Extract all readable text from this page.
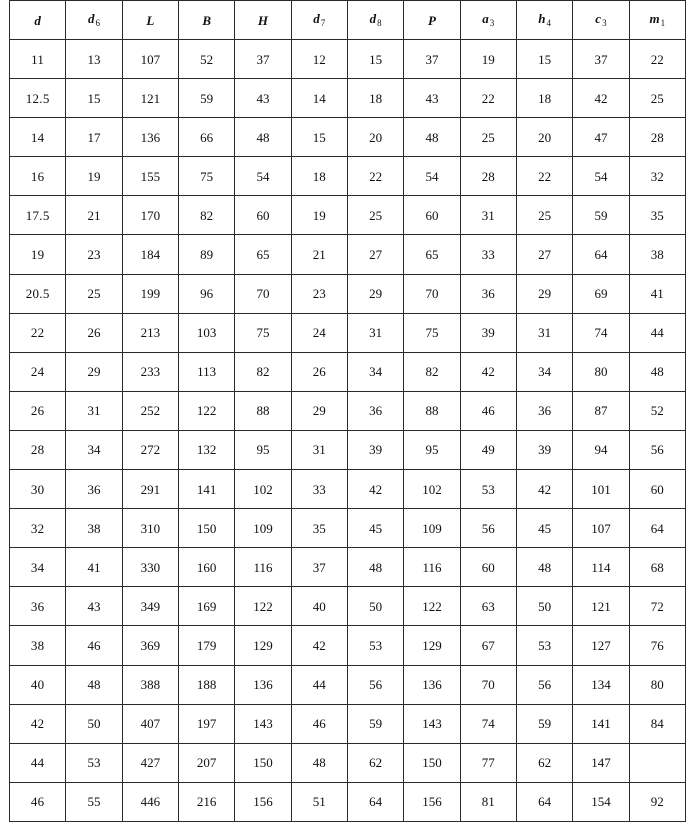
d	$d_6$	L	B	H	$d_7$	$d_8$	P	$a_3$	$h_4$	$c_3$	$m_1$
11	13	107	52	37	12	15	37	19	15	37	22
12.5	15	121	59	43	14	18	43	22	18	42	25
14	17	136	66	48	15	20	48	25	20	47	28
16	19	155	75	54	18	22	54	28	22	54	32
17.5	21	170	82	60	19	25	60	31	25	59	35
19	23	184	89	65	21	27	65	33	27	64	38
20.5	25	199	96	70	23	29	70	36	29	69	41
22	26	213	103	75	24	31	75	39	31	74	44
24	29	233	113	82	26	34	82	42	34	80	48
26	31	252	122	88	29	36	88	46	36	87	52
28	34	272	132	95	31	39	95	49	39	94	56
30	36	291	141	102	33	42	102	53	42	101	60
32	38	310	150	109	35	45	109	56	45	107	64
34	41	330	160	116	37	48	116	60	48	114	68
36	43	349	169	122	40	50	122	63	50	121	72
38	46	369	179	129	42	53	129	67	53	127	76
40	48	388	188	136	44	56	136	70	56	134	80
42	50	407	197	143	46	59	143	74	59	141	84
44	53	427	207	150	48	62	150	77	62	147	
46	55	446	216	156	51	64	156	81	64	154	92
